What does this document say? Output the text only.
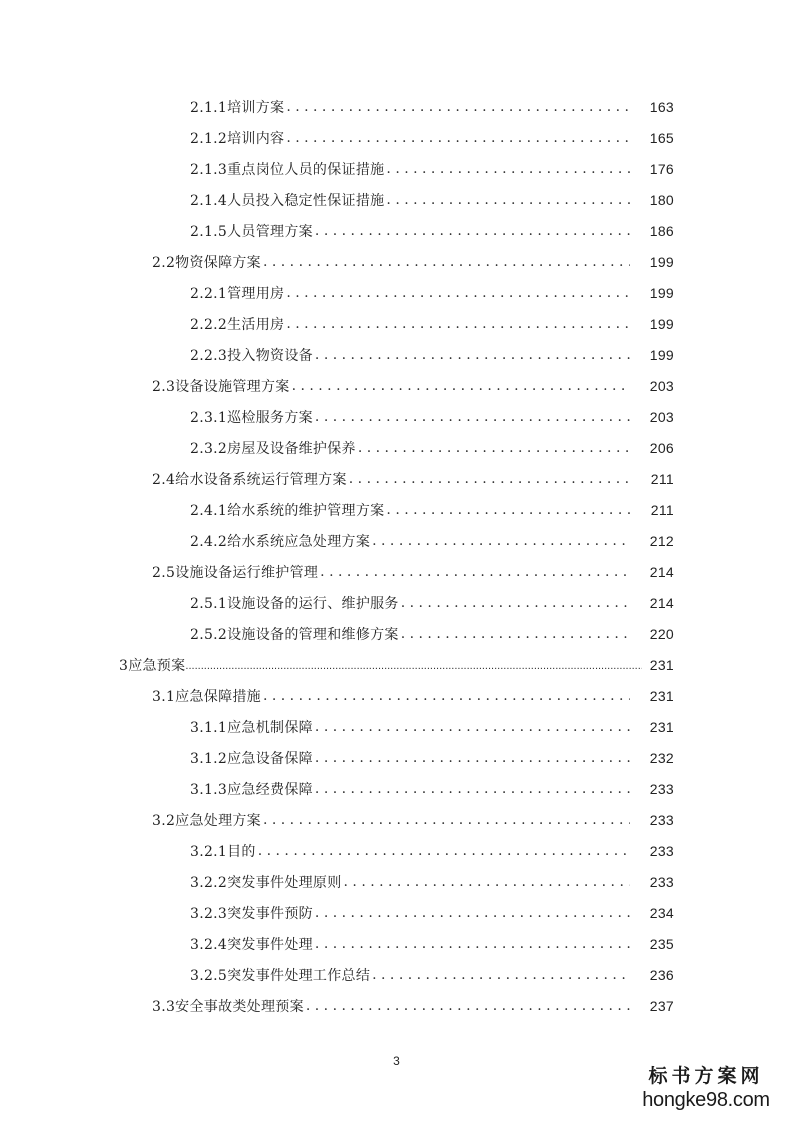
2.1.1培训方案 . . .	163
2.1.2培训内容 . . .	165
2.1.3重点岗位人员的保证措施 . . .	176
2.1.4人员投入稳定性保证措施 . . .	180
2.1.5人员管理方案 . . .	186
2.2物资保障方案 . . .	199
2.2.1管理用房 . . .	199
2.2.2生活用房 . . .	199
2.2.3投入物资设备 . . .	199
2.3设备设施管理方案 . . .	203
2.3.1巡检服务方案 . . .	203
2.3.2房屋及设备维护保养 . . .	206
2.4给水设备系统运行管理方案 . . .	211
2.4.1给水系统的维护管理方案 . . .	211
2.4.2给水系统应急处理方案 . . .	212
2.5设施设备运行维护管理 . . .	214
2.5.1设施设备的运行、维护服务 . . .	214
2.5.2设施设备的管理和维修方案 . . .	220
3应急预案 .....	231
3.1应急保障措施 . . .	231
3.1.1应急机制保障 . . .	231
3.1.2应急设备保障 . . .	232
3.1.3应急经费保障 . . .	233
3.2应急处理方案 . . .	233
3.2.1目的 . . .	233
3.2.2突发事件处理原则 . . .	233
3.2.3突发事件预防 . . .	234
3.2.4突发事件处理 . . .	235
3.2.5突发事件处理工作总结 . . .	236
3.3安全事故类处理预案 . . .	237
3
标书方案网
hongke98.com
